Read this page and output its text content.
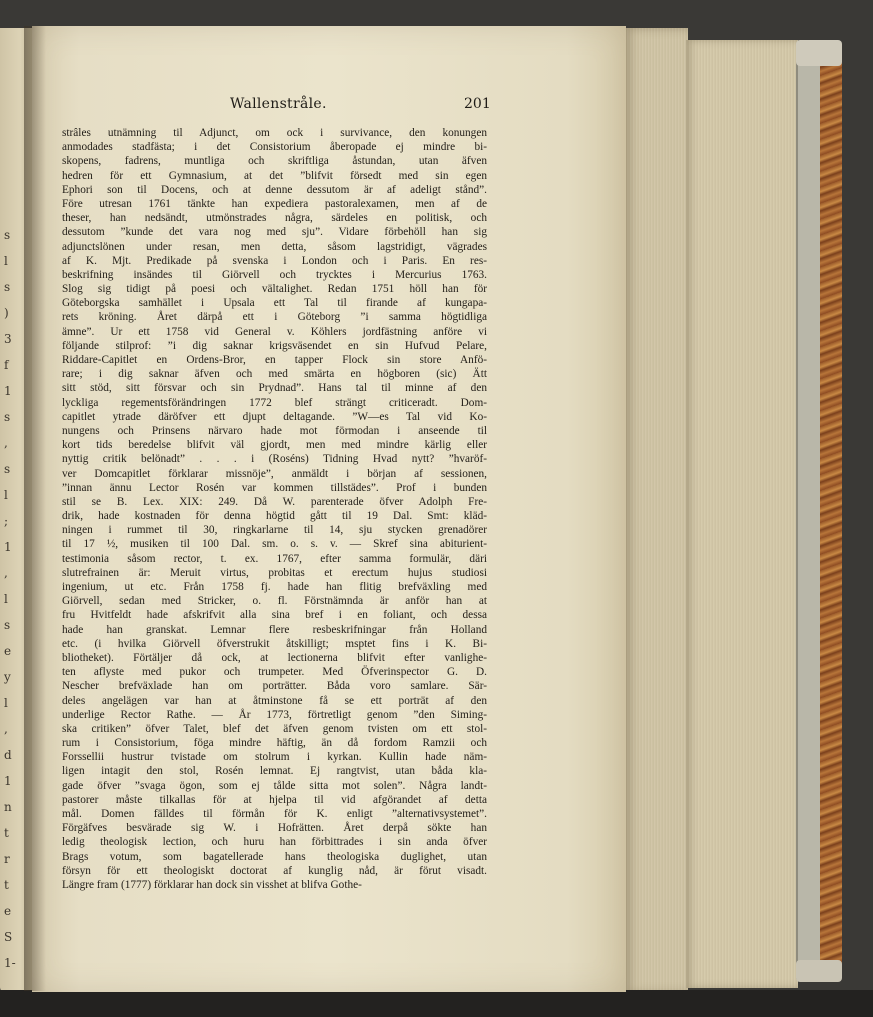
s
l
s
)
3
f
1
s
,
s
l
;
1
,
l
s
e
y
l
,
d
1
n
t
r
t
e
S
1-
Wallenstråle.	201
strâles utnämning til Adjunct, om ock i survivance, den konungen
anmodades stadfästa; i det Consistorium åberopade ej mindre bi-
skopens, fadrens, muntliga och skriftliga åstundan, utan äfven
hedren för ett Gymnasium, at det ”blifvit försedt med sin egen
Ephori son til Docens, och at denne dessutom är af adeligt stånd”.
Före utresan 1761 tänkte han expediera pastoralexamen, men af de
theser, han nedsändt, utmönstrades några, särdeles en politisk, och
dessutom ”kunde det vara nog med sju”. Vidare förbehöll han sig
adjunctslönen under resan, men detta, såsom lagstridigt, vägrades
af K. Mjt. Predikade på svenska i London och i Paris. En res-
beskrifning insändes til Giörvell och trycktes i Mercurius 1763.
Slog sig tidigt på poesi och vältalighet. Redan 1751 höll han för
Göteborgska samhället i Upsala ett Tal til firande af kungapa-
rets kröning. Året därpå ett i Göteborg ”i samma högtidliga
ämne”. Ur ett 1758 vid General v. Köhlers jordfästning anföre vi
följande stilprof: ”i dig saknar krigsväsendet en sin Hufvud Pelare,
Riddare-Capitlet en Ordens-Bror, en tapper Flock sin store Anfö-
rare; i dig saknar äfven och med smärta en högboren (sic) Ätt
sitt stöd, sitt försvar och sin Prydnad”. Hans tal til minne af den
lyckliga regementsförändringen 1772 blef strängt criticeradt. Dom-
capitlet ytrade däröfver ett djupt deltagande. ”W—es Tal vid Ko-
nungens och Prinsens närvaro hade mot förmodan i anseende til
kort tids beredelse blifvit väl gjordt, men med mindre kärlig eller
nyttig critik belönadt” . . . i (Roséns) Tidning Hvad nytt? ”hvaröf-
ver Domcapitlet förklarar missnöje”, anmäldt i början af sessionen,
”innan ännu Lector Rosén var kommen tillstädes”. Prof i bunden
stil se B. Lex. XIX: 249. Då W. parenterade öfver Adolph Fre-
drik, hade kostnaden för denna högtid gått til 19 Dal. Smt: kläd-
ningen i rummet til 30, ringkarlarne til 14, sju stycken grenadörer
til 17 ½, musiken til 100 Dal. sm. o. s. v. — Skref sina abiturient-
testimonia såsom rector, t. ex. 1767, efter samma formulär, däri
slutrefrainen är: Meruit virtus, probitas et erectum hujus studiosi
ingenium, ut etc. Från 1758 fj. hade han flitig brefväxling med
Giörvell, sedan med Stricker, o. fl. Förstnämnda är anför han at
fru Hvitfeldt hade afskrifvit alla sina bref i en foliant, och dessa
hade han granskat. Lemnar flere resbeskrifningar från Holland
etc. (i hvilka Giörvell öfverstrukit åtskilligt; msptet fins i K. Bi-
bliotheket). Förtäljer då ock, at lectionerna blifvit efter vanlighe-
ten aflyste med pukor och trumpeter. Med Öfverinspector G. D.
Nescher brefväxlade han om porträtter. Båda voro samlare. Sär-
deles angelägen var han at åtminstone få se ett porträt af den
underlige Rector Rathe. — År 1773, förtretligt genom ”den Siming-
ska critiken” öfver Talet, blef det äfven genom tvisten om ett stol-
rum i Consistorium, föga mindre häftig, än då fordom Ramzii och
Forssellii hustrur tvistade om stolrum i kyrkan. Kullin hade näm-
ligen intagit den stol, Rosén lemnat. Ej rangtvist, utan båda kla-
gade öfver ”svaga ögon, som ej tålde sitta mot solen”. Några landt-
pastorer måste tilkallas för at hjelpa til vid afgörandet af detta
mål. Domen fälldes til förmån för K. enligt ”alternativsystemet”.
Förgäfves besvärade sig W. i Hofrätten. Året derpå sökte han
ledig theologisk lection, och huru han förbittrades i sin anda öfver
Brags votum, som bagatellerade hans theologiska duglighet, utan
försyn för ett theologiskt doctorat af kunglig nåd, är förut visadt.
Längre fram (1777) förklarar han dock sin visshet at blifva Gothe-
